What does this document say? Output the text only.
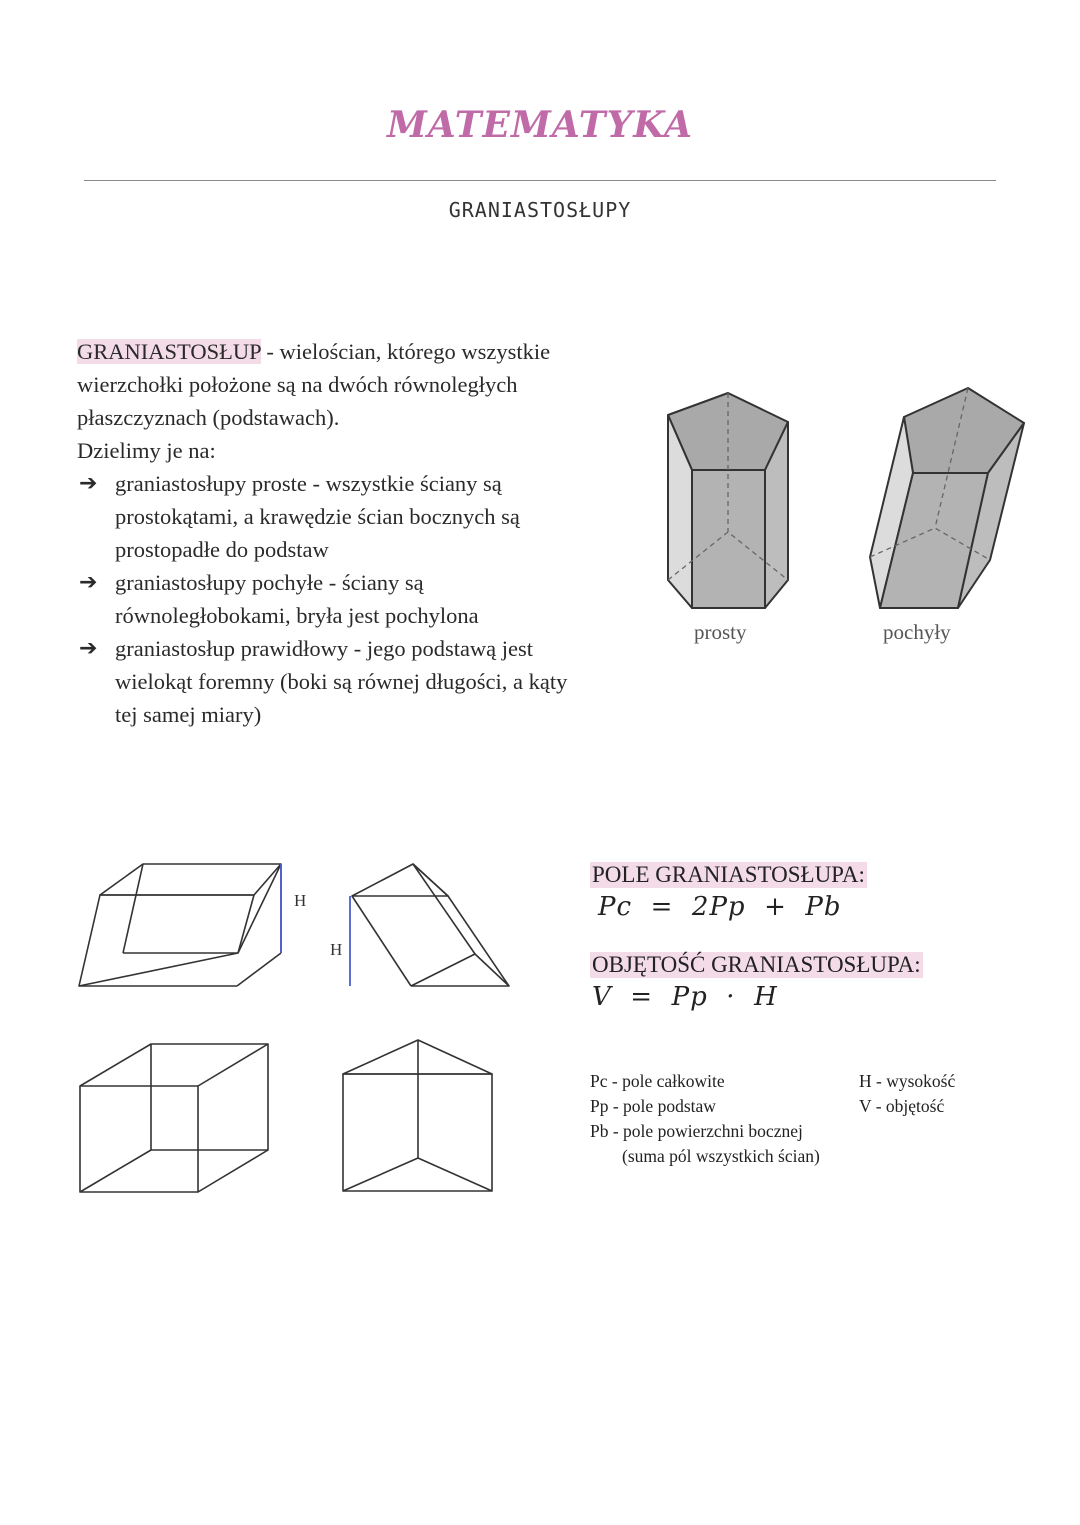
MATEMATYKA
GRANIASTOSŁUPY
GRANIASTOSŁUP - wielościan, którego wszystkie
wierzchołki położone są na dwóch równoległych
płaszczyznach (podstawach).
Dzielimy je na:
➔ graniastosłupy proste - wszystkie ściany są
prostokątami, a krawędzie ścian bocznych są
prostopadłe do podstaw
➔ graniastosłupy pochyłe - ściany są
równoległobokami, bryła jest pochylona
➔ graniastosłup prawidłowy - jego podstawą jest
wielokąt foremny (boki są równej długości, a kąty
tej samej miary)
prosty	pochyły
H
H
POLE GRANIASTOSŁUPA:
Pc  =  2Pp  +  Pb
OBJĘTOŚĆ GRANIASTOSŁUPA:
V  =  Pp  ·  H
Pc - pole całkowite
Pp - pole podstaw
Pb - pole powierzchni bocznej
(suma pól wszystkich ścian)
H - wysokość
V - objętość
